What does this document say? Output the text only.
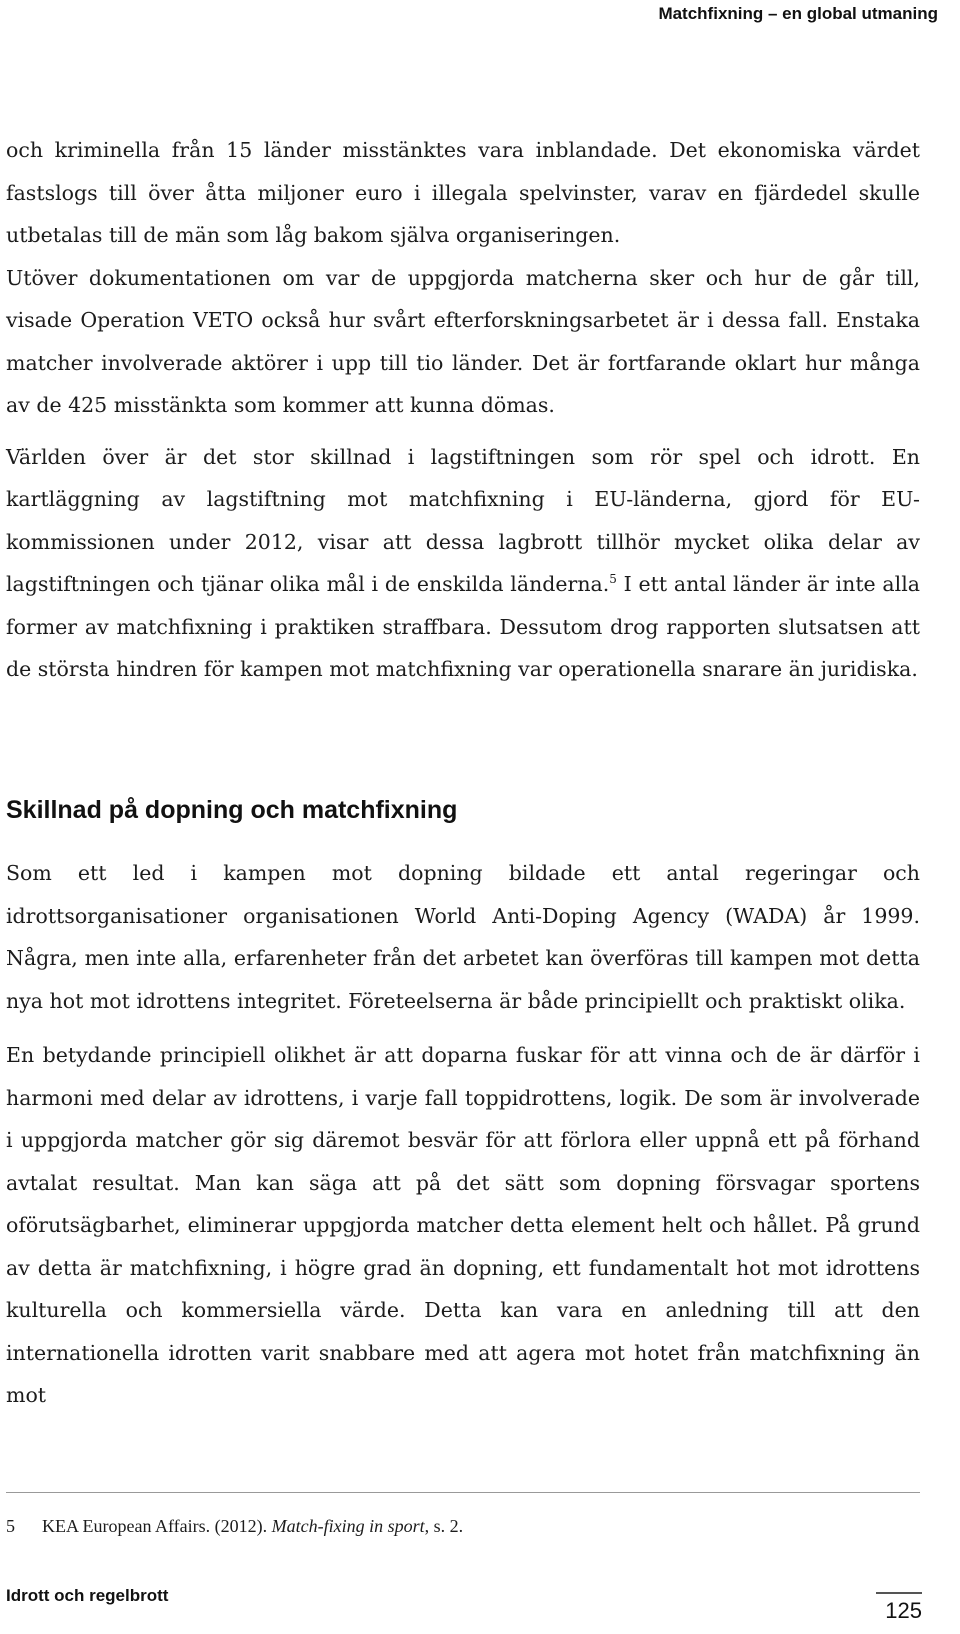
Matchfixning – en global utmaning

och kriminella från 15 länder misstänktes vara inblandade. Det ekonomiska värdet fastslogs till över åtta miljoner euro i illegala spelvinster, varav en fjärdedel skulle utbetalas till de män som låg bakom själva organiseringen.

Utöver dokumentationen om var de uppgjorda matcherna sker och hur de går till, visade Operation VETO också hur svårt efterforskningsarbetet är i dessa fall. Enstaka matcher involverade aktörer i upp till tio länder. Det är fortfarande oklart hur många av de 425 misstänkta som kommer att kunna dömas.

Världen över är det stor skillnad i lagstiftningen som rör spel och idrott. En kartläggning av lagstiftning mot matchfixning i EU-länderna, gjord för EU-kommissionen under 2012, visar att dessa lagbrott tillhör mycket olika delar av lagstiftningen och tjänar olika mål i de enskilda länderna.$^5$ I ett antal länder är inte alla former av matchfixning i praktiken straffbara. Dessutom drog rapporten slutsatsen att de största hindren för kampen mot matchfixning var operationella snarare än juridiska.

Skillnad på dopning och matchfixning

Som ett led i kampen mot dopning bildade ett antal regeringar och idrottsorganisationer organisationen World Anti-Doping Agency (WADA) år 1999. Några, men inte alla, erfarenheter från det arbetet kan överföras till kampen mot detta nya hot mot idrottens integritet. Företeelserna är både principiellt och praktiskt olika.

En betydande principiell olikhet är att doparna fuskar för att vinna och de är därför i harmoni med delar av idrottens, i varje fall toppidrottens, logik. De som är involverade i uppgjorda matcher gör sig däremot besvär för att förlora eller uppnå ett på förhand avtalat resultat. Man kan säga att på det sätt som dopning försvagar sportens oförutsägbarhet, eliminerar uppgjorda matcher detta element helt och hållet. På grund av detta är matchfixning, i högre grad än dopning, ett fundamentalt hot mot idrottens kulturella och kommersiella värde. Detta kan vara en anledning till att den internationella idrotten varit snabbare med att agera mot hotet från matchfixning än mot

5 KEA European Affairs. (2012). Match-fixing in sport, s. 2.
Idrott och regelbrott
125
